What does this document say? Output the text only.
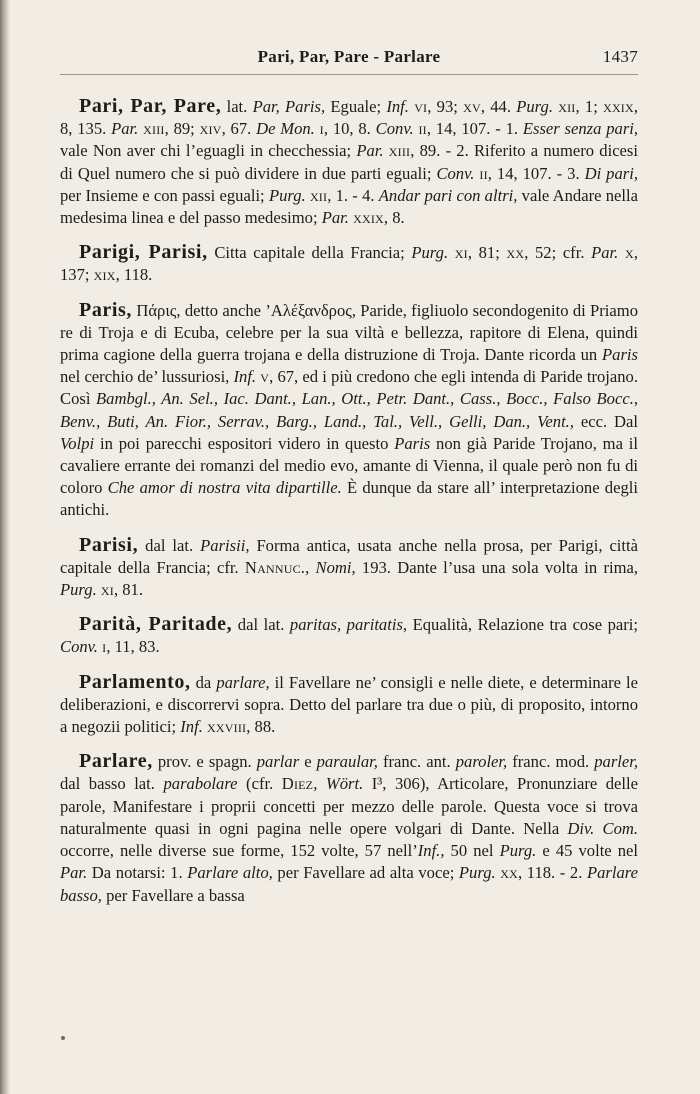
Pari, Par, Pare - Parlare	1437

Pari, Par, Pare, lat. Par, Paris, Eguale; Inf. vi, 93; xv, 44. Purg. xii, 1; xxix, 8, 135. Par. xiii, 89; xiv, 67. De Mon. i, 10, 8. Conv. ii, 14, 107. - 1. Esser senza pari, vale Non aver chi l’eguagli in checchessia; Par. xiii, 89. - 2. Riferito a numero dicesi di Quel numero che si può dividere in due parti eguali; Conv. ii, 14, 107. - 3. Di pari, per Insieme e con passi eguali; Purg. xii, 1. - 4. Andar pari con altri, vale Andare nella medesima linea e del passo medesimo; Par. xxix, 8.

Parigi, Parisi, Citta capitale della Francia; Purg. xi, 81; xx, 52; cfr. Par. x, 137; xix, 118.

Paris, Πάρις, detto anche ’Αλέξανδρος, Paride, figliuolo secondogenito di Priamo re di Troja e di Ecuba, celebre per la sua viltà e bellezza, rapitore di Elena, quindi prima cagione della guerra trojana e della distruzione di Troja. Dante ricorda un Paris nel cerchio de’ lussuriosi, Inf. v, 67, ed i più credono che egli intenda di Paride trojano. Così Bambgl., An. Sel., Iac. Dant., Lan., Ott., Petr. Dant., Cass., Bocc., Falso Bocc., Benv., Buti, An. Fior., Serrav., Barg., Land., Tal., Vell., Gelli, Dan., Vent., ecc. Dal Volpi in poi parecchi espositori videro in questo Paris non già Paride Trojano, ma il cavaliere errante dei romanzi del medio evo, amante di Vienna, il quale però non fu di coloro Che amor di nostra vita dipartille. È dunque da stare all’ interpretazione degli antichi.

Parisi, dal lat. Parisii, Forma antica, usata anche nella prosa, per Parigi, città capitale della Francia; cfr. Nannuc., Nomi, 193. Dante l’usa una sola volta in rima, Purg. xi, 81.

Parità, Paritade, dal lat. paritas, paritatis, Equalità, Relazione tra cose pari; Conv. i, 11, 83.

Parlamento, da parlare, il Favellare ne’ consigli e nelle diete, e determinare le deliberazioni, e discorrervi sopra. Detto del parlare tra due o più, di proposito, intorno a negozii politici; Inf. xxviii, 88.

Parlare, prov. e spagn. parlar e paraular, franc. ant. paroler, franc. mod. parler, dal basso lat. parabolare (cfr. Diez, Wört. I³, 306), Articolare, Pronunziare delle parole, Manifestare i proprii concetti per mezzo delle parole. Questa voce si trova naturalmente quasi in ogni pagina nelle opere volgari di Dante. Nella Div. Com. occorre, nelle diverse sue forme, 152 volte, 57 nell’Inf., 50 nel Purg. e 45 volte nel Par. Da notarsi: 1. Parlare alto, per Favellare ad alta voce; Purg. xx, 118. - 2. Parlare basso, per Favellare a bassa
